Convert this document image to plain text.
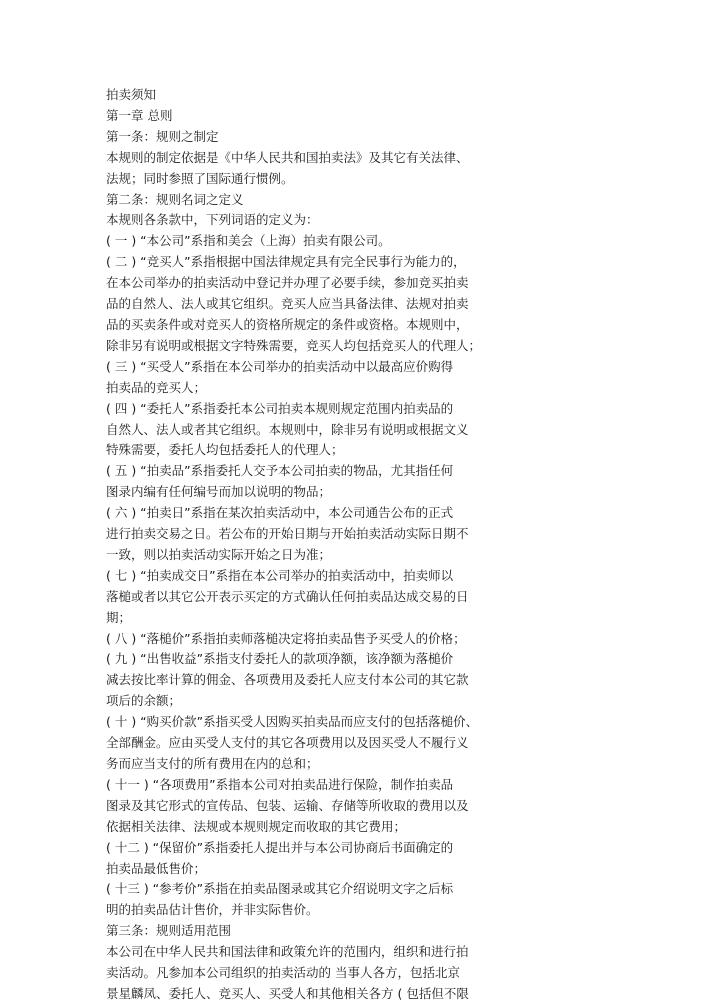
拍卖须知
第一章 总则
第一条：规则之制定
本规则的制定依据是《中华人民共和国拍卖法》及其它有关法律、
法规；同时参照了国际通行惯例。
第二条：规则名词之定义
本规则各条款中，下列词语的定义为：
( 一 ) “本公司”系指和美会（上海）拍卖有限公司。
( 二 ) “竞买人”系指根据中国法律规定具有完全民事行为能力的，
在本公司举办的拍卖活动中登记并办理了必要手续，参加竞买拍卖
品的自然人、法人或其它组织。竞买人应当具备法律、法规对拍卖
品的买卖条件或对竞买人的资格所规定的条件或资格。本规则中，
除非另有说明或根据文字特殊需要，竞买人均包括竞买人的代理人；
( 三 ) “买受人”系指在本公司举办的拍卖活动中以最高应价购得
拍卖品的竞买人；
( 四 ) “委托人”系指委托本公司拍卖本规则规定范围内拍卖品的
自然人、法人或者其它组织。本规则中，除非另有说明或根据文义
特殊需要，委托人均包括委托人的代理人；
( 五 ) “拍卖品”系指委托人交予本公司拍卖的物品，尤其指任何
图录内编有任何编号而加以说明的物品；
( 六 ) “拍卖日”系指在某次拍卖活动中，本公司通告公布的正式
进行拍卖交易之日。若公布的开始日期与开始拍卖活动实际日期不
一致，则以拍卖活动实际开始之日为准；
( 七 ) “拍卖成交日”系指在本公司举办的拍卖活动中，拍卖师以
落槌或者以其它公开表示买定的方式确认任何拍卖品达成交易的日
期；
( 八 ) “落槌价”系指拍卖师落槌决定将拍卖品售予买受人的价格；
( 九 ) “出售收益”系指支付委托人的款项净额，该净额为落槌价
减去按比率计算的佣金、各项费用及委托人应支付本公司的其它款
项后的余额；
( 十 ) “购买价款”系指买受人因购买拍卖品而应支付的包括落槌价、
全部酬金。应由买受人支付的其它各项费用以及因买受人不履行义
务而应当支付的所有费用在内的总和；
( 十一 ) “各项费用”系指本公司对拍卖品进行保险，制作拍卖品
图录及其它形式的宣传品、包装、运输、存储等所收取的费用以及
依据相关法律、法规或本规则规定而收取的其它费用；
( 十二 ) “保留价”系指委托人提出并与本公司协商后书面确定的
拍卖品最低售价；
( 十三 ) “参考价”系指在拍卖品图录或其它介绍说明文字之后标
明的拍卖品估计售价，并非实际售价。
第三条：规则适用范围
本公司在中华人民共和国法律和政策允许的范围内，组织和进行拍
卖活动。凡参加本公司组织的拍卖活动的 当事人各方，包括北京
景星麟凤、委托人、竞买人、买受人和其他相关各方 ( 包括但不限
